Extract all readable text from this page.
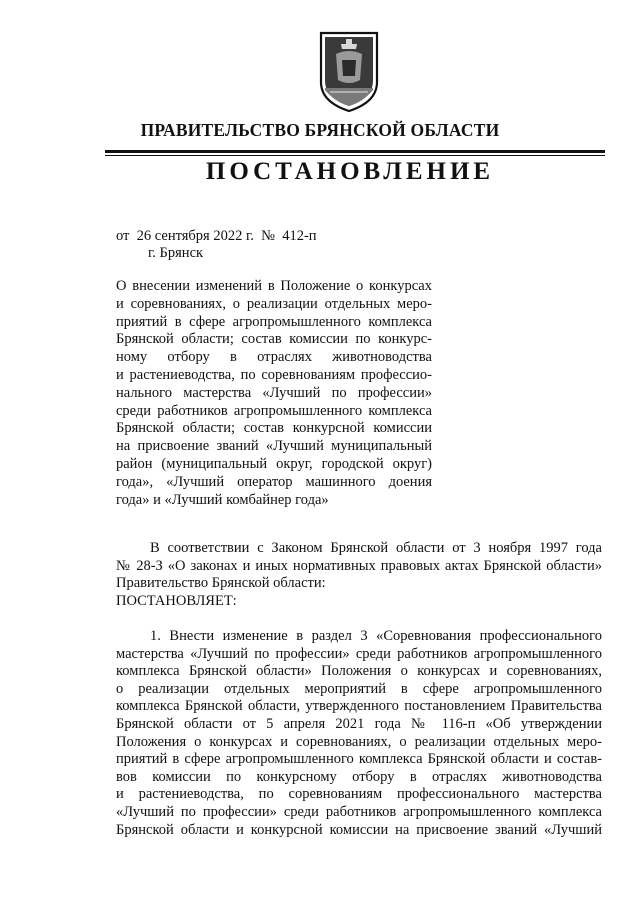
ПРАВИТЕЛЬСТВО БРЯНСКОЙ ОБЛАСТИ
ПОСТАНОВЛЕНИЕ
от  26 сентября 2022 г.  №  412-п
г. Брянск
О внесении изменений в Положение о конкурсах
и соревнованиях, о реализации отдельных меро-
приятий в сфере агропромышленного комплекса
Брянской области; состав комиссии по конкурс-
ному отбору в отраслях животноводства
и растениеводства, по соревнованиям профессио-
нального мастерства «Лучший по профессии»
среди работников агропромышленного комплекса
Брянской области; состав конкурсной комиссии
на присвоение званий «Лучший муниципальный
район (муниципальный округ, городской округ)
года», «Лучший оператор машинного доения
года» и «Лучший комбайнер года»
В соответствии с Законом Брянской области от 3 ноября 1997 года
№ 28-З «О законах и иных нормативных правовых актах Брянской области»
Правительство Брянской области:
ПОСТАНОВЛЯЕТ:
1. Внести изменение в раздел 3 «Соревнования профессионального
мастерства «Лучший по профессии» среди работников агропромышленного
комплекса Брянской области» Положения о конкурсах и соревнованиях,
о реализации отдельных мероприятий в сфере агропромышленного
комплекса Брянской области, утвержденного постановлением Правительства
Брянской области от 5 апреля 2021 года № 116-п «Об утверждении
Положения о конкурсах и соревнованиях, о реализации отдельных меро-
приятий в сфере агропромышленного комплекса Брянской области и состав-
вов комиссии по конкурсному отбору в отраслях животноводства
и растениеводства, по соревнованиям профессионального мастерства
«Лучший по профессии» среди работников агропромышленного комплекса
Брянской области и конкурсной комиссии на присвоение званий «Лучший
